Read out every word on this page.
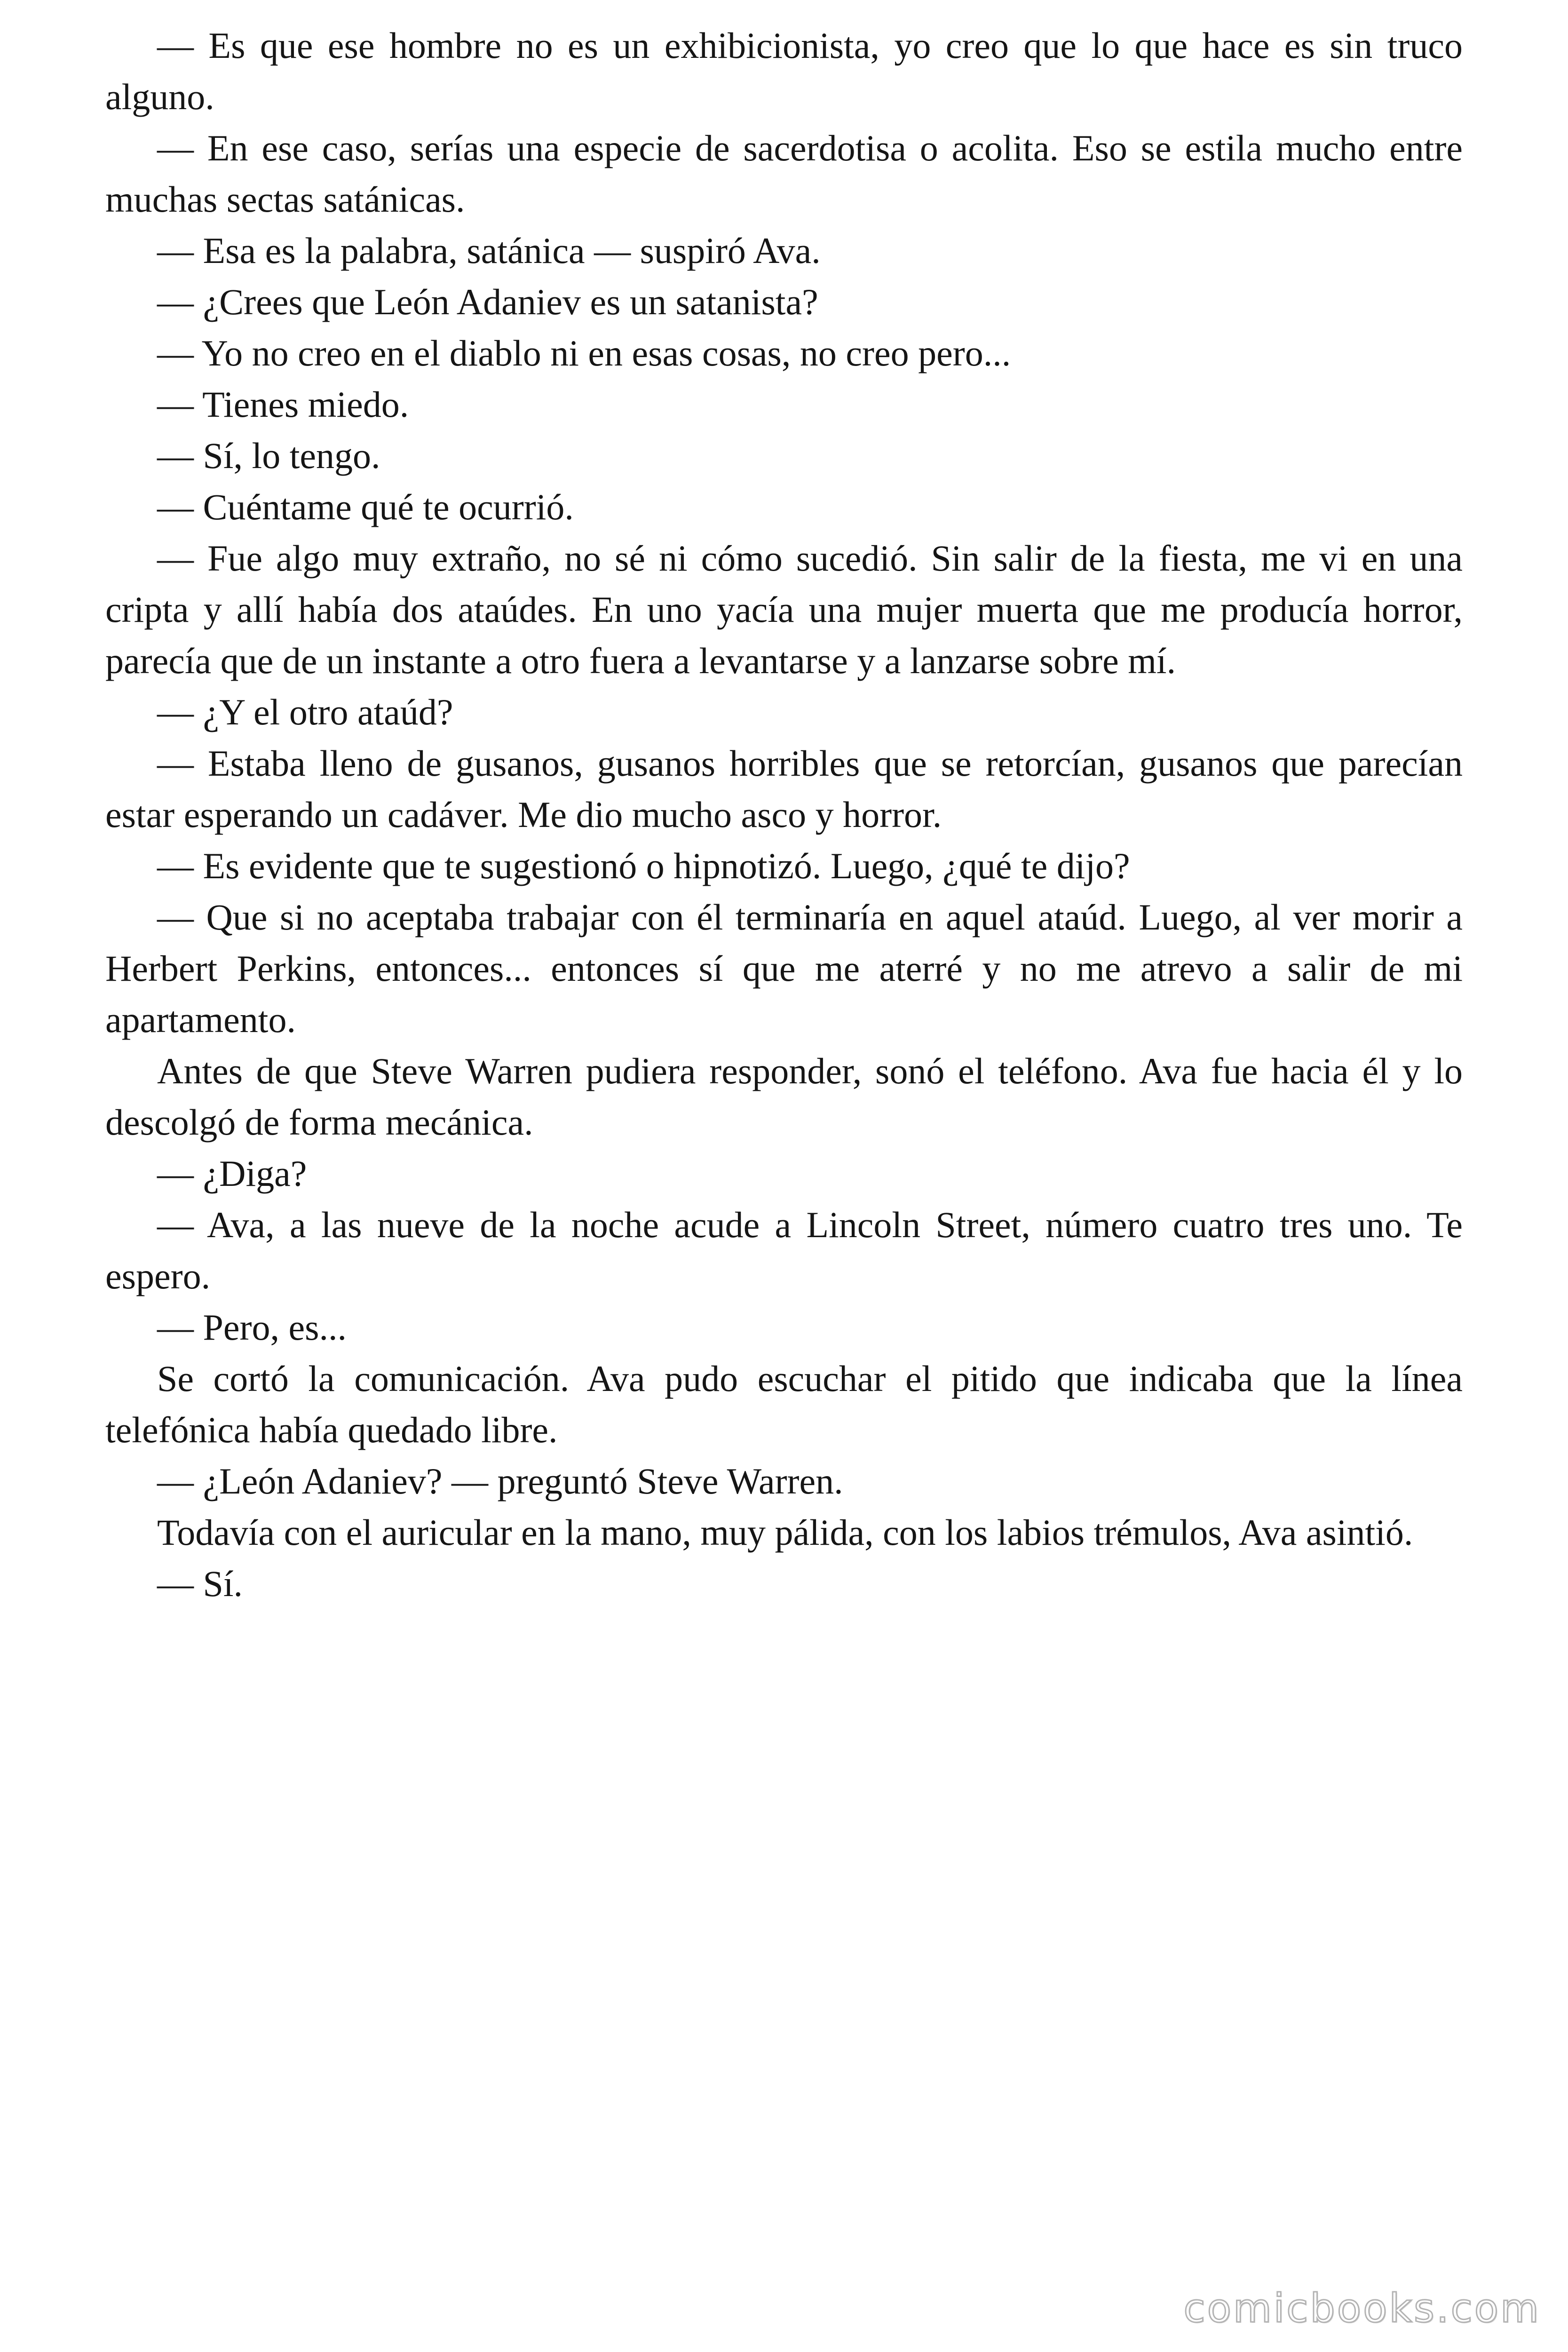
— Es que ese hombre no es un exhibicionista, yo creo que lo que hace es sin truco alguno.

— En ese caso, serías una especie de sacerdotisa o acolita. Eso se estila mucho entre muchas sectas satánicas.

— Esa es la palabra, satánica — suspiró Ava.

— ¿Crees que León Adaniev es un satanista?

— Yo no creo en el diablo ni en esas cosas, no creo pero...

— Tienes miedo.

— Sí, lo tengo.

— Cuéntame qué te ocurrió.

— Fue algo muy extraño, no sé ni cómo sucedió. Sin salir de la fiesta, me vi en una cripta y allí había dos ataúdes. En uno yacía una mujer muerta que me producía horror, parecía que de un instante a otro fuera a levantarse y a lanzarse sobre mí.

— ¿Y el otro ataúd?

— Estaba lleno de gusanos, gusanos horribles que se retorcían, gusanos que parecían estar esperando un cadáver. Me dio mucho asco y horror.

— Es evidente que te sugestionó o hipnotizó. Luego, ¿qué te dijo?

— Que si no aceptaba trabajar con él terminaría en aquel ataúd. Luego, al ver morir a Herbert Perkins, entonces... entonces sí que me aterré y no me atrevo a salir de mi apartamento.

Antes de que Steve Warren pudiera responder, sonó el teléfono. Ava fue hacia él y lo descolgó de forma mecánica.

— ¿Diga?

— Ava, a las nueve de la noche acude a Lincoln Street, número cuatro tres uno. Te espero.

— Pero, es...

Se cortó la comunicación. Ava pudo escuchar el pitido que indicaba que la línea telefónica había quedado libre.

— ¿León Adaniev? — preguntó Steve Warren.

Todavía con el auricular en la mano, muy pálida, con los labios trémulos, Ava asintió.

— Sí.

comicbooks.com
